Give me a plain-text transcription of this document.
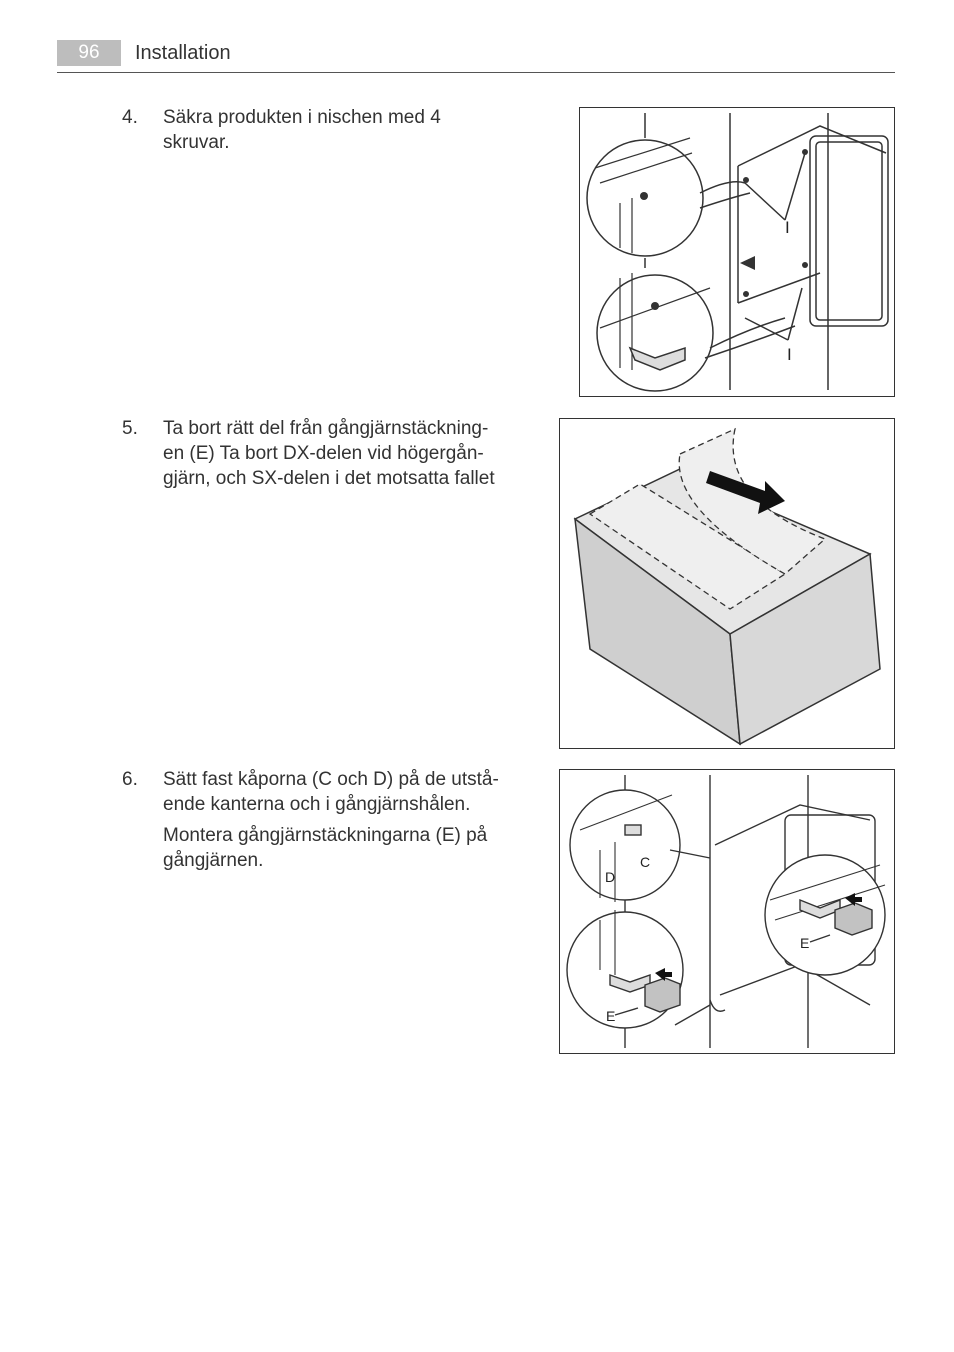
96	Installation
4. Säkra produkten i nischen med 4 skruvar.
5. Ta bort rätt del från gångjärnstäckning-en (E) Ta bort DX-delen vid högergån-gjärn, och SX-delen i det motsatta fallet
6. Sätt fast kåporna (C och D) på de utstå-ende kanterna och i gångjärnshålen.
Montera gångjärnstäckningarna (E) på gångjärnen.
I
I
C
D
E
E
